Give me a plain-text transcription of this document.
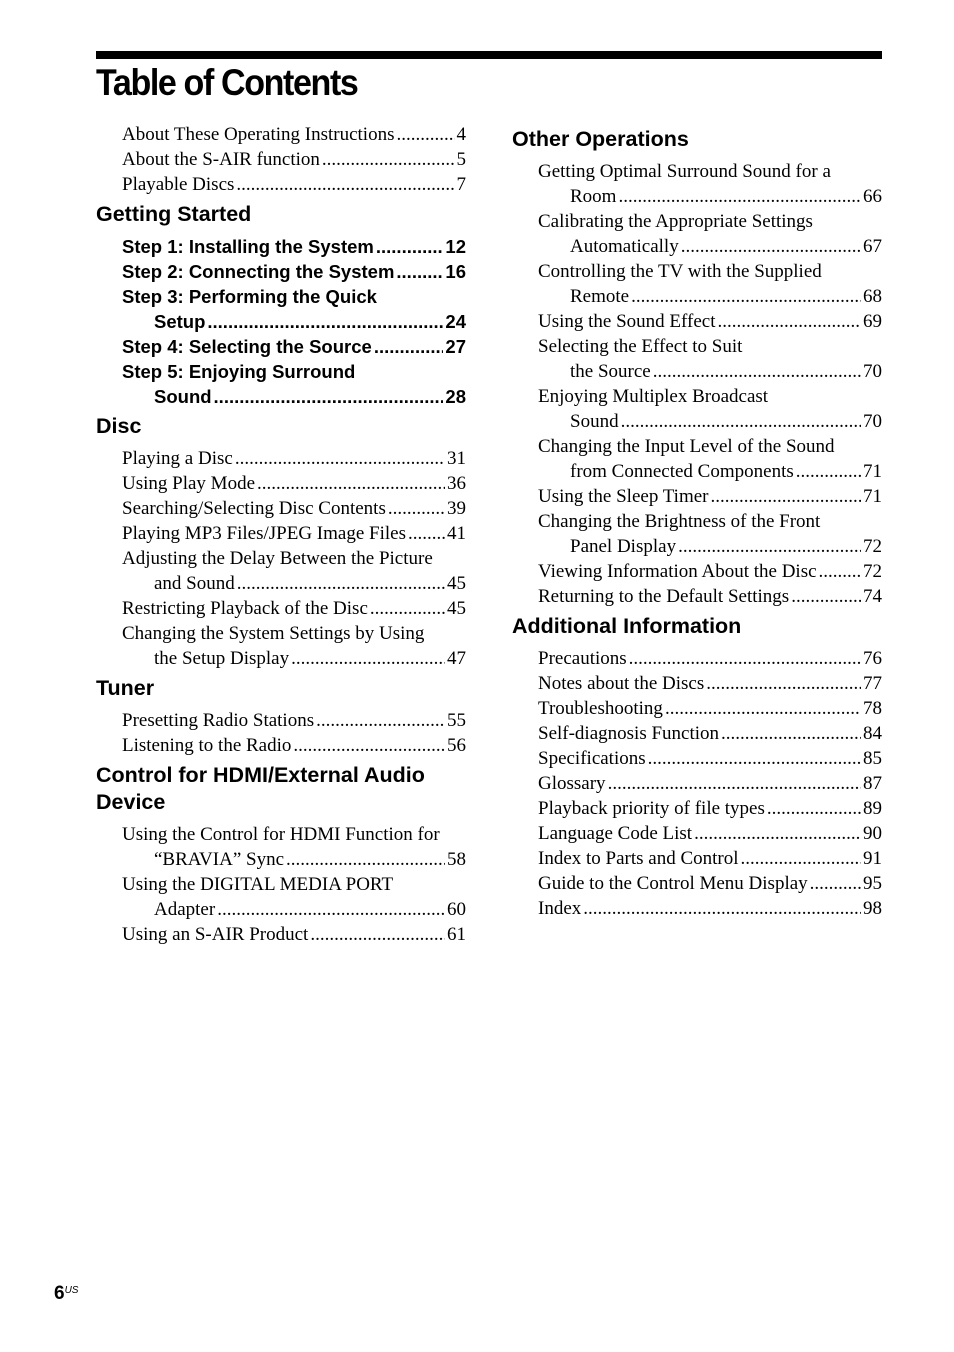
Table of Contents
About These Operating Instructions .....	4
About the S-AIR function .....	5
Playable Discs .....	7
Getting Started
Step 1: Installing the System .....	12
Step 2: Connecting the System .....	16
Step 3: Performing the Quick
Setup .....	24
Step 4: Selecting the Source .....	27
Step 5: Enjoying Surround
Sound .....	28
Disc
Playing a Disc .....	31
Using Play Mode .....	36
Searching/Selecting Disc Contents .....	39
Playing MP3 Files/JPEG Image Files ..... 41
Adjusting the Delay Between the Picture
and Sound .....	45
Restricting Playback of the Disc .....	45
Changing the System Settings by Using
the Setup Display .....	47
Tuner
Presetting Radio Stations .....	55
Listening to the Radio .....	56
Control for HDMI/External Audio Device
Using the Control for HDMI Function for
“BRAVIA” Sync .....	58
Using the DIGITAL MEDIA PORT
Adapter .....	60
Using an S-AIR Product .....	61
Other Operations
Getting Optimal Surround Sound for a
Room .....	66
Calibrating the Appropriate Settings
Automatically .....	67
Controlling the TV with the Supplied
Remote .....	68
Using the Sound Effect .....	69
Selecting the Effect to Suit
the Source .....	70
Enjoying Multiplex Broadcast
Sound .....	70
Changing the Input Level of the Sound
from Connected Components .....	71
Using the Sleep Timer .....	71
Changing the Brightness of the Front
Panel Display .....	72
Viewing Information About the Disc ..... 72
Returning to the Default Settings .....	74
Additional Information
Precautions .....	76
Notes about the Discs .....	77
Troubleshooting .....	78
Self-diagnosis Function .....	84
Specifications .....	85
Glossary .....	87
Playback priority of file types .....	89
Language Code List .....	90
Index to Parts and Control .....	91
Guide to the Control Menu Display .....	95
Index .....	98
$6^{US}$
